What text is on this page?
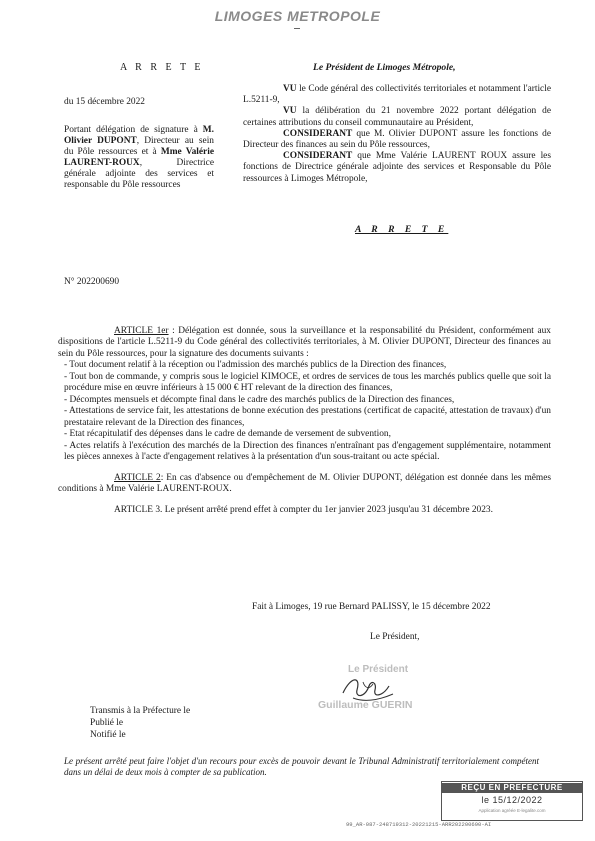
LIMOGES METROPOLE
A R R E T E
du 15 décembre 2022
Portant délégation de signature à M. Olivier DUPONT, Directeur au sein du Pôle ressources et à Mme Valérie LAURENT-ROUX, Directrice générale adjointe des services et responsable du Pôle ressources
N° 202200690
Le Président de Limoges Métropole,

VU le Code général des collectivités territoriales et notamment l'article L.5211-9,

VU la délibération du 21 novembre 2022 portant délégation de certaines attributions du conseil communautaire au Président,

CONSIDERANT que M. Olivier DUPONT assure les fonctions de Directeur des finances au sein du Pôle ressources,

CONSIDERANT que Mme Valérie LAURENT ROUX assure les fonctions de Directrice générale adjointe des services et Responsable du Pôle ressources à Limoges Métropole,

A R R E T E

ARTICLE 1er : Délégation est donnée, sous la surveillance et la responsabilité du Président, conformément aux dispositions de l'article L.5211-9 du Code général des collectivités territoriales, à M. Olivier DUPONT, Directeur des finances au sein du Pôle ressources, pour la signature des documents suivants :

- Tout document relatif à la réception ou l'admission des marchés publics de la Direction des finances,

- Tout bon de commande, y compris sous le logiciel KIMOCE, et ordres de services de tous les marchés publics quelle que soit la procédure mise en œuvre inférieurs à 15 000 € HT relevant de la direction des finances,

- Décomptes mensuels et décompte final dans le cadre des marchés publics de la Direction des finances,

- Attestations de service fait, les attestations de bonne exécution des prestations (certificat de capacité, attestation de travaux) d'un prestataire relevant de la Direction des finances,

- Etat récapitulatif des dépenses dans le cadre de demande de versement de subvention,

- Actes relatifs à l'exécution des marchés de la Direction des finances n'entraînant pas d'engagement supplémentaire, notamment les pièces annexes à l'acte d'engagement relatives à la présentation d'un sous-traitant ou acte spécial.

ARTICLE 2: En cas d'absence ou d'empêchement de M. Olivier DUPONT, délégation est donnée dans les mêmes conditions à Mme Valérie LAURENT-ROUX.

ARTICLE 3. Le présent arrêté prend effet à compter du 1er janvier 2023 jusqu'au 31 décembre 2023.

Fait à Limoges, 19 rue Bernard PALISSY, le 15 décembre 2022
Le Président,
Le Président
Guillaume GUERIN
Transmis à la Préfecture le
Publié le
Notifié le
Le présent arrêté peut faire l'objet d'un recours pour excès de pouvoir devant le Tribunal Administratif territorialement compétent dans un délai de deux mois à compter de sa publication.
REÇU EN PREFECTURE
le 15/12/2022
Application agréée E-legalite.com
99_AR-087-248719312-20221215-ARR202200690-AI
